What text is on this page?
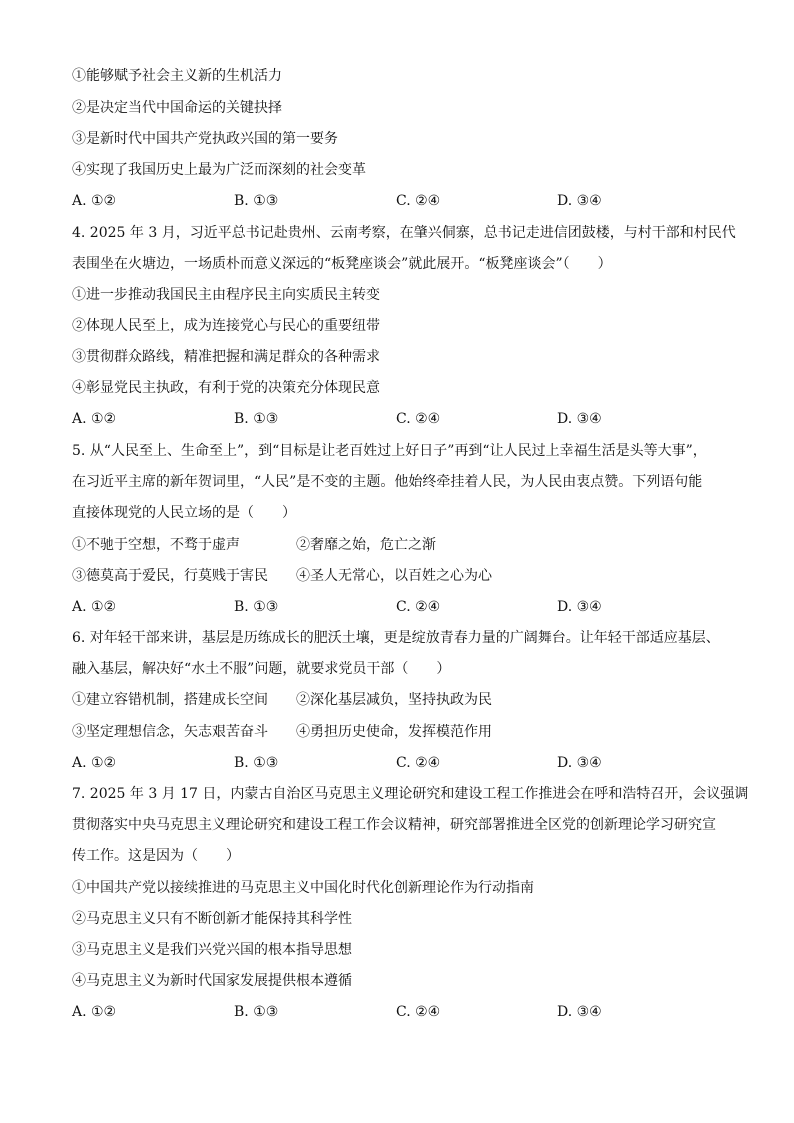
①能够赋予社会主义新的生机活力
②是决定当代中国命运的关键抉择
③是新时代中国共产党执政兴国的第一要务
④实现了我国历史上最为广泛而深刻的社会变革
A. ①②	B. ①③	C. ②④	D. ③④
4. 2025 年 3 月，习近平总书记赴贵州、云南考察，在肇兴侗寨，总书记走进信团鼓楼，与村干部和村民代
表围坐在火塘边，一场质朴而意义深远的“板凳座谈会”就此展开。“板凳座谈会”（　　）
①进一步推动我国民主由程序民主向实质民主转变
②体现人民至上，成为连接党心与民心的重要纽带
③贯彻群众路线，精准把握和满足群众的各种需求
④彰显党民主执政，有利于党的决策充分体现民意
A. ①②	B. ①③	C. ②④	D. ③④
5. 从“人民至上、生命至上”，到“目标是让老百姓过上好日子”再到“让人民过上幸福生活是头等大事”，
在习近平主席的新年贺词里，“人民”是不变的主题。他始终牵挂着人民，为人民由衷点赞。下列语句能
直接体现党的人民立场的是（　　）
①不驰于空想，不骛于虚声	②奢靡之始，危亡之渐
③德莫高于爱民，行莫贱于害民 ④圣人无常心，以百姓之心为心
A. ①②	B. ①③	C. ②④	D. ③④
6. 对年轻干部来讲，基层是历练成长的肥沃土壤，更是绽放青春力量的广阔舞台。让年轻干部适应基层、
融入基层，解决好“水土不服”问题，就要求党员干部（　　）
①建立容错机制，搭建成长空间 ②深化基层减负，坚持执政为民
③坚定理想信念，矢志艰苦奋斗 ④勇担历史使命，发挥模范作用
A. ①②	B. ①③	C. ②④	D. ③④
7. 2025 年 3 月 17 日，内蒙古自治区马克思主义理论研究和建设工程工作推进会在呼和浩特召开，会议强调
贯彻落实中央马克思主义理论研究和建设工程工作会议精神，研究部署推进全区党的创新理论学习研究宣
传工作。这是因为（　　）
①中国共产党以接续推进的马克思主义中国化时代化创新理论作为行动指南
②马克思主义只有不断创新才能保持其科学性
③马克思主义是我们兴党兴国的根本指导思想
④马克思主义为新时代国家发展提供根本遵循
A. ①②	B. ①③	C. ②④	D. ③④
